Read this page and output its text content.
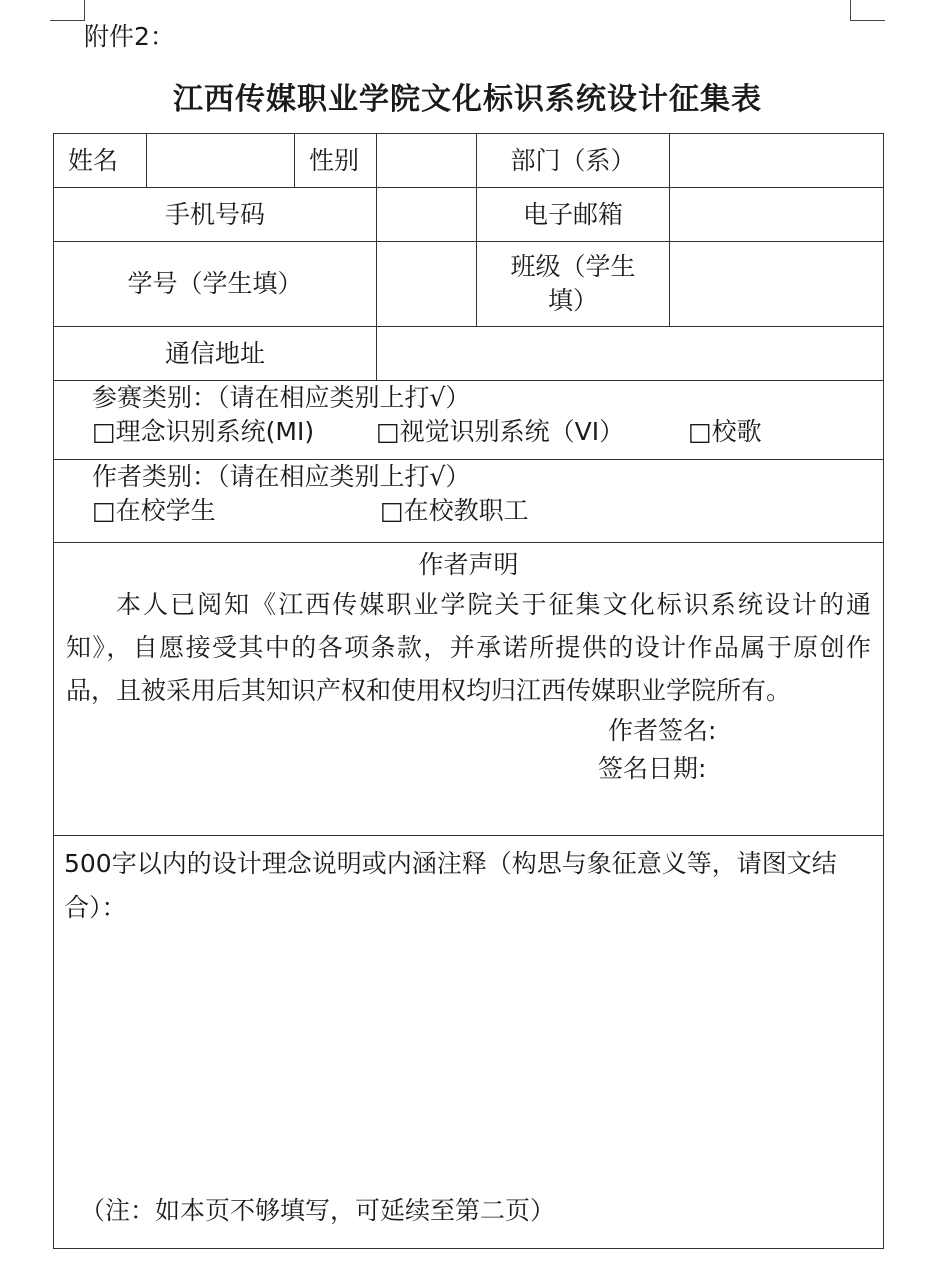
附件2：
江西传媒职业学院文化标识系统设计征集表
姓名		性别		部门（系）	
手机号码				电子邮箱	
学号（学生填）				班级（学生
填）	
通信地址					

参赛类别：（请在相应类别上打√）
□理念识别系统(MI) □视觉识别系统（VI） □校歌					

作者类别：（请在相应类别上打√）
□在校学生 □在校教职工					

作者声明
本人已阅知《江西传媒职业学院关于征集文化标识系统设计的通知》，自愿接受其中的各项条款，并承诺所提供的设计作品属于原创作品，且被采用后其知识产权和使用权均归江西传媒职业学院所有。
作者签名:
签名日期:					

500字以内的设计理念说明或内涵注释（构思与象征意义等，请图文结合）：
（注：如本页不够填写，可延续至第二页）					
